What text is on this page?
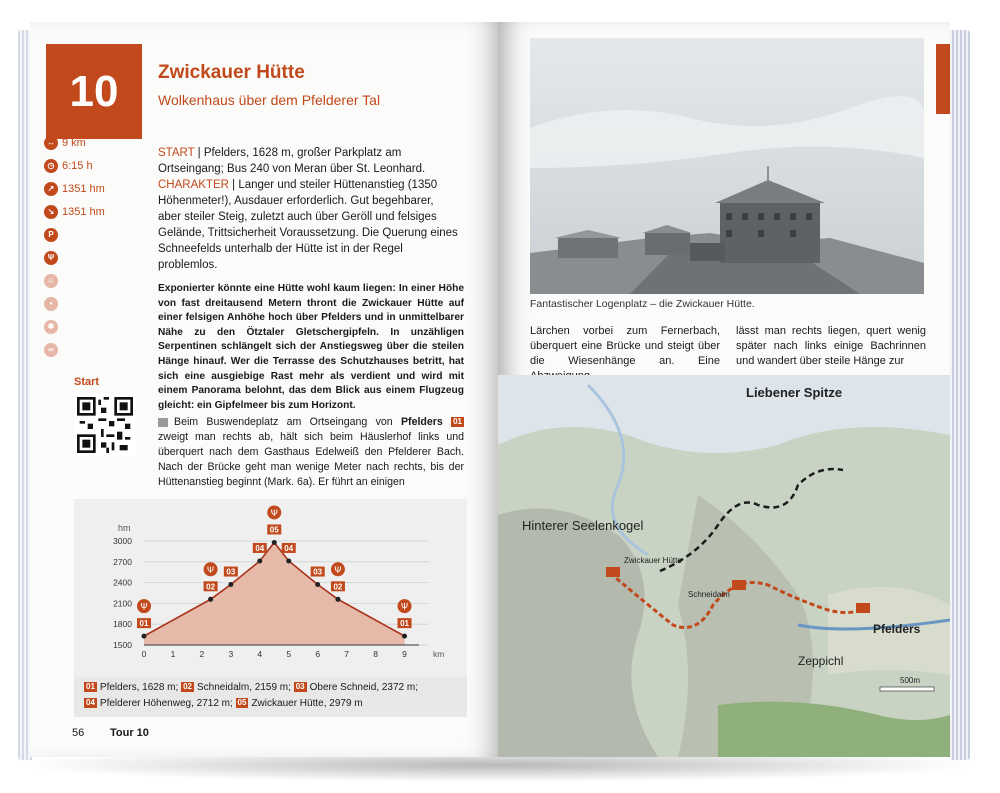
10	Zwickauer Hütte
Wolkenhaus über dem Pfelderer Tal
↔ 9 km
◷ 6:15 h
↗ 1351 hm
↘ 1351 hm
P
Ψ
☺
•
✱
∞
START | Pfelders, 1628 m, großer Parkplatz am Ortseingang; Bus 240 von Meran über St. Leonhard.
CHARAKTER | Langer und steiler Hüttenanstieg (1350 Höhenmeter!), Ausdauer erforderlich. Gut begehbarer, aber steiler Steig, zuletzt auch über Geröll und felsiges Gelände, Trittsicherheit Voraussetzung. Die Querung eines Schneefelds unterhalb der Hütte ist in der Regel problemlos.
Start
Exponierter könnte eine Hütte wohl kaum liegen: In einer Höhe von fast dreitausend Metern thront die Zwickauer Hütte auf einer felsigen Anhöhe hoch über Pfelders und in unmittelbarer Nähe zu den Ötztaler Gletschergipfeln. In unzähligen Serpentinen schlängelt sich der Anstiegsweg über die steilen Hänge hinauf. Wer die Terrasse des Schutzhauses betritt, hat sich eine ausgiebige Rast mehr als verdient und wird mit einem Panorama belohnt, das dem Blick aus einem Flugzeug gleicht: ein Gipfelmeer bis zum Horizont.
Beim Buswendeplatz am Ortseingang von Pfelders 01 zweigt man rechts ab, hält sich beim Häuslerhof links und überquert nach dem Gasthaus Edelweiß den Pfelderer Bach. Nach der Brücke geht man wenige Meter nach rechts, bis der Hüttenanstieg beginnt (Mark. 6a). Er führt an einigen
hm
1500
1800
2100
2400
2700
3000
0	1	2	3	4	5	6	7	8	9	km
01
02
03
04
05
04
03
02
01
Ψ
Ψ
Ψ
Ψ
Ψ
01 Pfelders, 1628 m; 02 Schneidalm, 2159 m; 03 Obere Schneid, 2372 m;
04 Pfelderer Höhenweg, 2712 m; 05 Zwickauer Hütte, 2979 m
56 Tour 10
Fantastischer Logenplatz – die Zwickauer Hütte.
Lärchen vorbei zum Fernerbach, überquert eine Brücke und steigt über die Wiesenhänge an. Eine
lässt man rechts liegen, quert wenig später nach links einige Bachrinnen und wandert über steile Hänge zur
Liebener Spitze
Hinterer Seelenkogel
Pfelders
Zeppichl
Zwickauer Hütte
Schneidalm
500m
